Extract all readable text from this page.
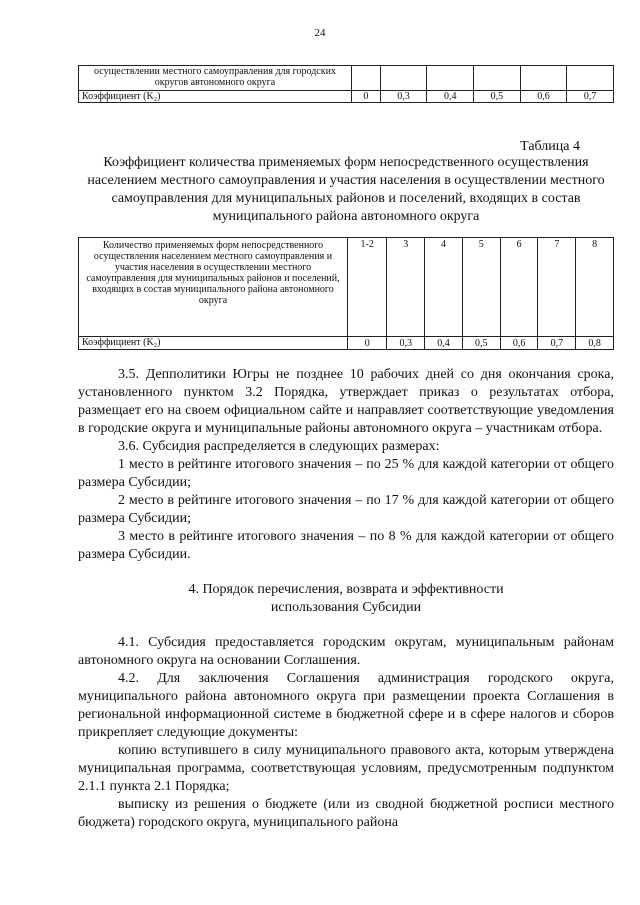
24
осуществлении местного самоуправления для городских округов автономного округа						
Коэффициент (K₂)	0	0,3	0,4	0,5	0,6	0,7
Таблица 4
Коэффициент количества применяемых форм непосредственного осуществления населением местного самоуправления и участия населения в осуществлении местного самоуправления для муниципальных районов и поселений, входящих в состав муниципального района автономного округа
Количество применяемых форм непосредственного осуществления населением местного самоуправления и участия населения в осуществлении местного самоуправления для муниципальных районов и поселений, входящих в состав муниципального района автономного округа	1-2	3	4	5	6	7	8
Коэффициент (K₂)	0	0,3	0,4	0,5	0,6	0,7	0,8

3.5. Депполитики Югры не позднее 10 рабочих дней со дня окончания срока, установленного пунктом 3.2 Порядка, утверждает приказ о результатах отбора, размещает его на своем официальном сайте и направляет соответствующие уведомления в городские округа и муниципальные районы автономного округа – участникам отбора.

3.6. Субсидия распределяется в следующих размерах:

1 место в рейтинге итогового значения – по 25 % для каждой категории от общего размера Субсидии;

2 место в рейтинге итогового значения – по 17 % для каждой категории от общего размера Субсидии;

3 место в рейтинге итогового значения – по 8 % для каждой категории от общего размера Субсидии.

4. Порядок перечисления, возврата и эффективности

использования Субсидии

4.1. Субсидия предоставляется городским округам, муниципальным районам автономного округа на основании Соглашения.

4.2. Для заключения Соглашения администрация городского округа, муниципального района автономного округа при размещении проекта Соглашения в региональной информационной системе в бюджетной сфере и в сфере налогов и сборов прикрепляет следующие документы:

копию вступившего в силу муниципального правового акта, которым утверждена муниципальная программа, соответствующая условиям, предусмотренным подпунктом 2.1.1 пункта 2.1 Порядка;

выписку из решения о бюджете (или из сводной бюджетной росписи местного бюджета) городского округа, муниципального района
